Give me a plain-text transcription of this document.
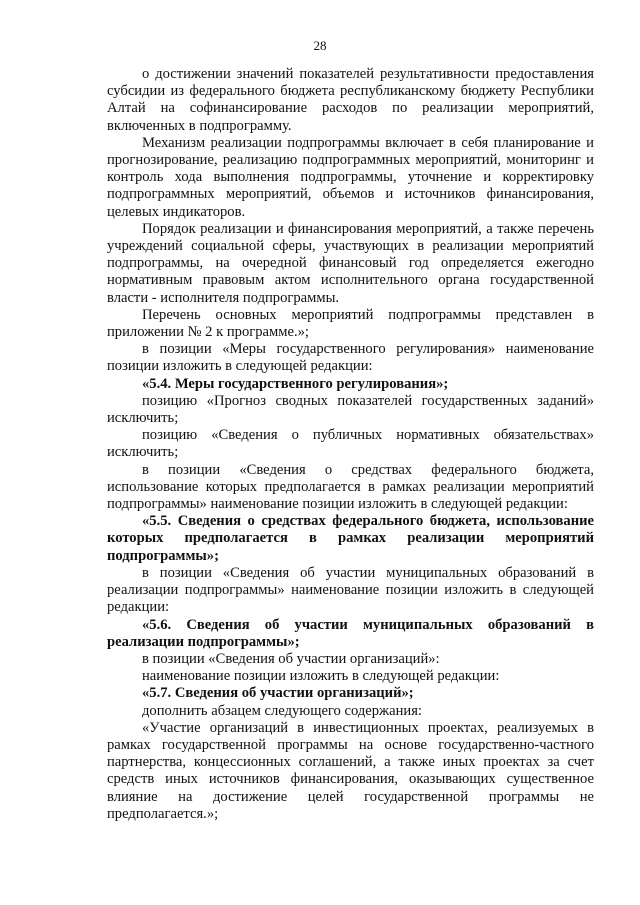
28

о достижении значений показателей результативности предоставления субсидии из федерального бюджета республиканскому бюджету Республики Алтай на софинансирование расходов по реализации мероприятий, включенных в подпрограмму.

Механизм реализации подпрограммы включает в себя планирование и прогнозирование, реализацию подпрограммных мероприятий, мониторинг и контроль хода выполнения подпрограммы, уточнение и корректировку подпрограммных мероприятий, объемов и источников финансирования, целевых индикаторов.

Порядок реализации и финансирования мероприятий, а также перечень учреждений социальной сферы, участвующих в реализации мероприятий подпрограммы, на очередной финансовый год определяется ежегодно нормативным правовым актом исполнительного органа государственной власти - исполнителя подпрограммы.

Перечень основных мероприятий подпрограммы представлен в приложении № 2 к программе.»;

в позиции «Меры государственного регулирования» наименование позиции изложить в следующей редакции:

«5.4. Меры государственного регулирования»;

позицию «Прогноз сводных показателей государственных заданий» исключить;

позицию «Сведения о публичных нормативных обязательствах» исключить;

в позиции «Сведения о средствах федерального бюджета, использование которых предполагается в рамках реализации мероприятий подпрограммы» наименование позиции изложить в следующей редакции:

«5.5. Сведения о средствах федерального бюджета, использование которых предполагается в рамках реализации мероприятий подпрограммы»;

в позиции «Сведения об участии муниципальных образований в реализации подпрограммы» наименование позиции изложить в следующей редакции:

«5.6. Сведения об участии муниципальных образований в реализации подпрограммы»;

в позиции «Сведения об участии организаций»:

наименование позиции изложить в следующей редакции:

«5.7. Сведения об участии организаций»;

дополнить абзацем следующего содержания:

«Участие организаций в инвестиционных проектах, реализуемых в рамках государственной программы на основе государственно-частного партнерства, концессионных соглашений, а также иных проектах за счет средств иных источников финансирования, оказывающих существенное влияние на достижение целей государственной программы не предполагается.»;
